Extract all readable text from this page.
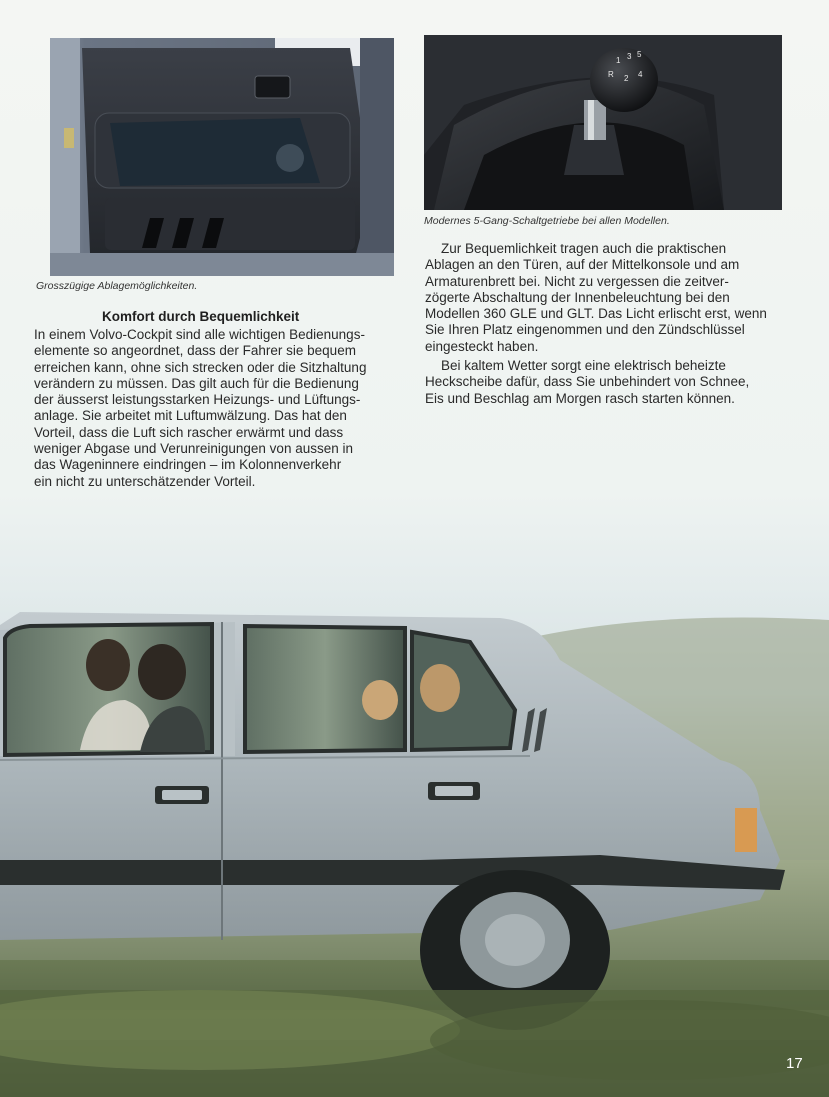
1 3 5
R 2 4
Grosszügige Ablagemöglichkeiten.
Modernes 5-Gang-Schaltgetriebe bei allen Modellen.
Komfort durch Bequemlichkeit
In einem Volvo-Cockpit sind alle wichtigen Bedienungs-
elemente so angeordnet, dass der Fahrer sie bequem
erreichen kann, ohne sich strecken oder die Sitzhaltung
verändern zu müssen. Das gilt auch für die Bedienung
der äusserst leistungsstarken Heizungs- und Lüftungs-
anlage. Sie arbeitet mit Luftumwälzung. Das hat den
Vorteil, dass die Luft sich rascher erwärmt und dass
weniger Abgase und Verunreinigungen von aussen in
das Wageninnere eindringen – im Kolonnenverkehr
ein nicht zu unterschätzender Vorteil.
Zur Bequemlichkeit tragen auch die praktischen
Ablagen an den Türen, auf der Mittelkonsole und am
Armaturenbrett bei. Nicht zu vergessen die zeitver-
zögerte Abschaltung der Innenbeleuchtung bei den
Modellen 360 GLE und GLT. Das Licht erlischt erst, wenn
Sie Ihren Platz eingenommen und den Zündschlüssel
eingesteckt haben.
Bei kaltem Wetter sorgt eine elektrisch beheizte
Heckscheibe dafür, dass Sie unbehindert von Schnee,
Eis und Beschlag am Morgen rasch starten können.
17
